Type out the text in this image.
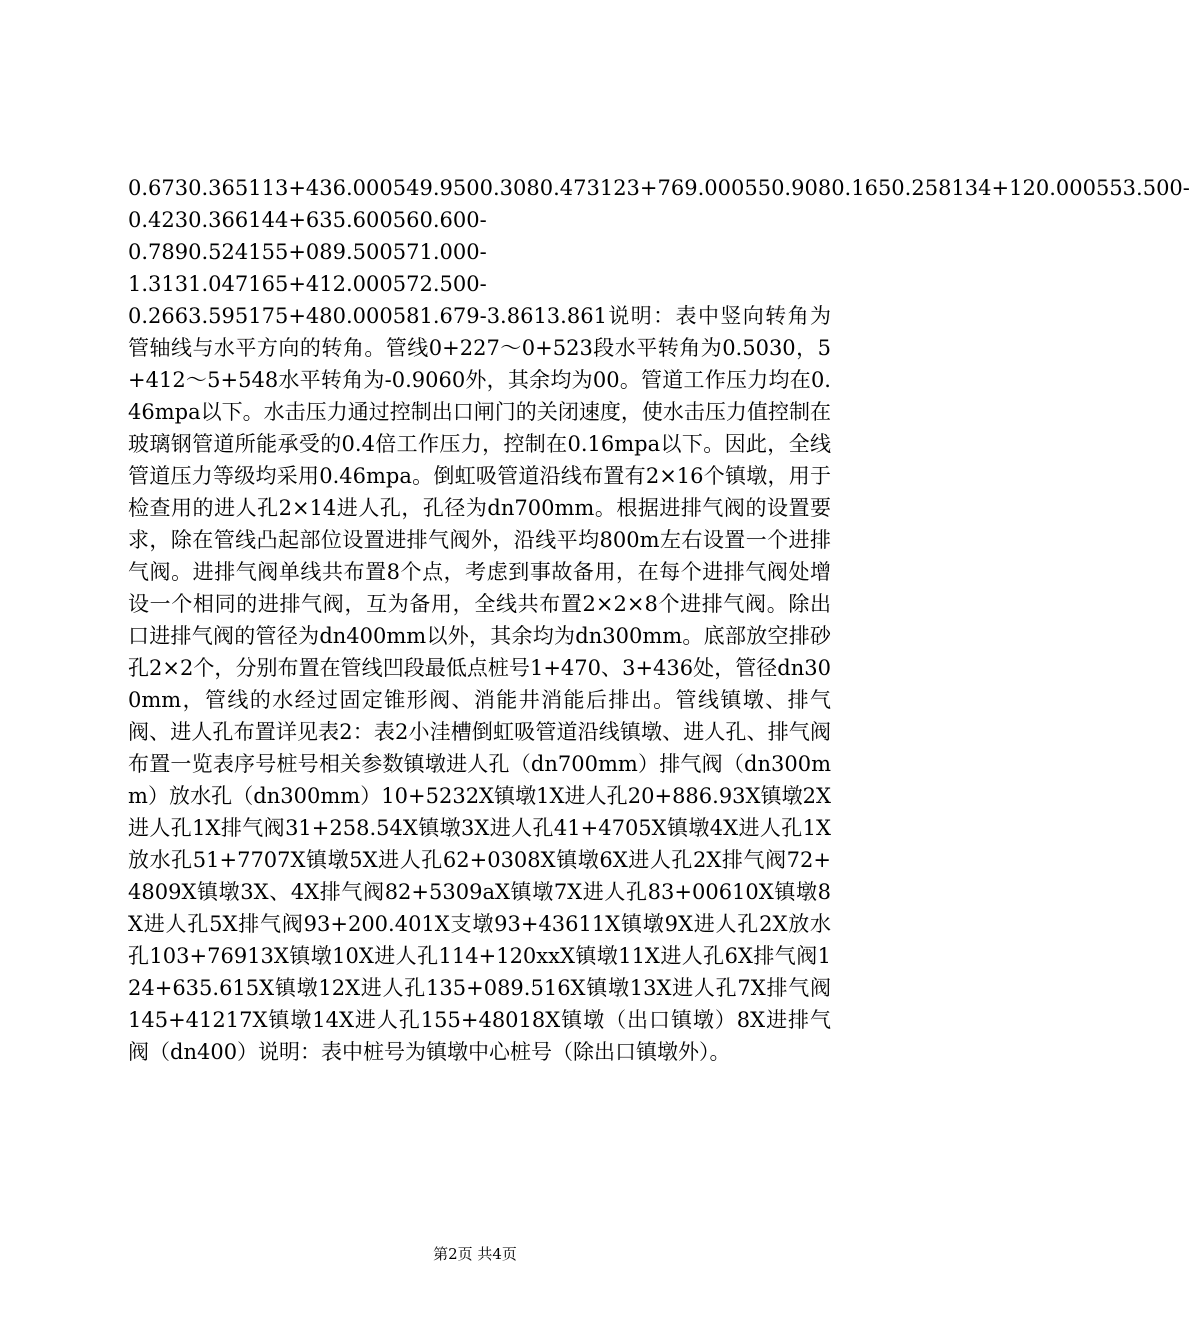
0.6730.365113+436.000549.9500.3080.473123+769.000550.9080.1650.258134+120.000553.500-
0.4230.366144+635.600560.600-
0.7890.524155+089.500571.000-
1.3131.047165+412.000572.500-
0.2663.595175+480.000581.679-3.8613.861说明：表中竖向转角为管轴线与水平方向的转角。管线0+227～0+523段水平转角为0.5030，5+412～5+548水平转角为-0.9060外，其余均为00。管道工作压力均在0.46mpa以下。水击压力通过控制出口闸门的关闭速度，使水击压力值控制在玻璃钢管道所能承受的0.4倍工作压力，控制在0.16mpa以下。因此，全线管道压力等级均采用0.46mpa。倒虹吸管道沿线布置有2×16个镇墩，用于检查用的进人孔2×14进人孔，孔径为dn700mm。根据进排气阀的设置要求，除在管线凸起部位设置进排气阀外，沿线平均800m左右设置一个进排气阀。进排气阀单线共布置8个点，考虑到事故备用，在每个进排气阀处增设一个相同的进排气阀，互为备用，全线共布置2×2×8个进排气阀。除出口进排气阀的管径为dn400mm以外，其余均为dn300mm。底部放空排砂孔2×2个，分别布置在管线凹段最低点桩号1+470、3+436处，管径dn300mm，管线的水经过固定锥形阀、消能井消能后排出。管线镇墩、排气阀、进人孔布置详见表2：表2小洼槽倒虹吸管道沿线镇墩、进人孔、排气阀布置一览表序号桩号相关参数镇墩进人孔（dn700mm）排气阀（dn300mm）放水孔（dn300mm）10+5232X镇墩1X进人孔20+886.93X镇墩2X进人孔1X排气阀31+258.54X镇墩3X进人孔41+4705X镇墩4X进人孔1X放水孔51+7707X镇墩5X进人孔62+0308X镇墩6X进人孔2X排气阀72+4809X镇墩3X、4X排气阀82+5309aX镇墩7X进人孔83+00610X镇墩8X进人孔5X排气阀93+200.401X支墩93+43611X镇墩9X进人孔2X放水孔103+76913X镇墩10X进人孔114+120xxX镇墩11X进人孔6X排气阀124+635.615X镇墩12X进人孔135+089.516X镇墩13X进人孔7X排气阀145+41217X镇墩14X进人孔155+48018X镇墩（出口镇墩）8X进排气阀（dn400）说明：表中桩号为镇墩中心桩号（除出口镇墩外）。
第2页 共4页
